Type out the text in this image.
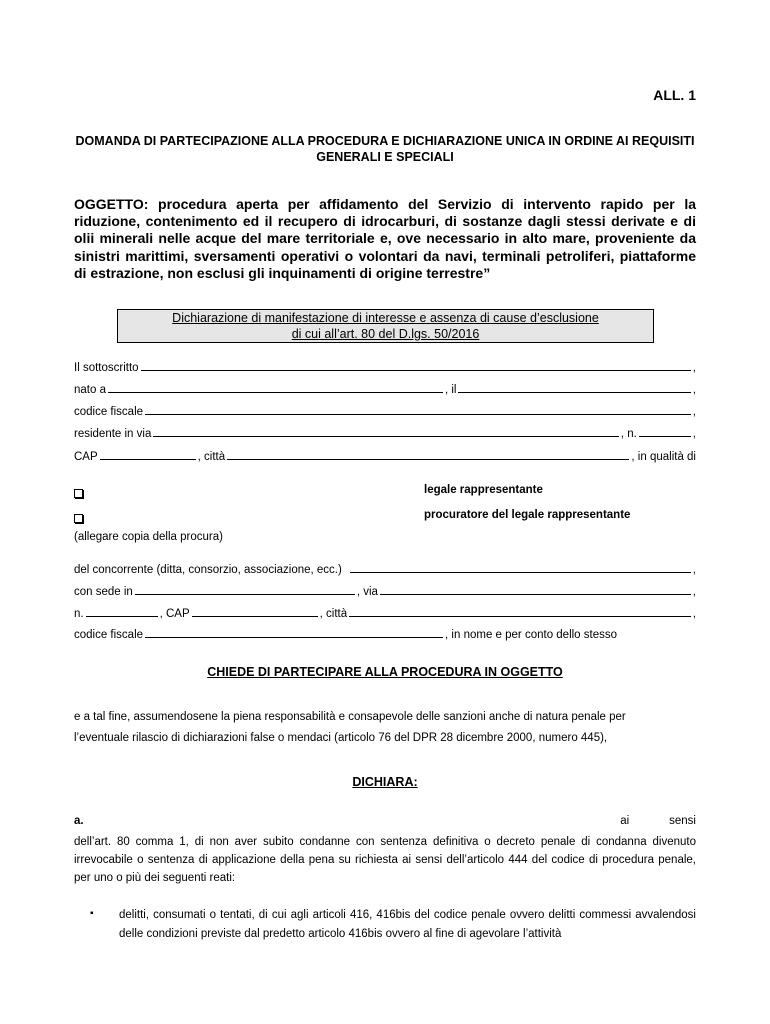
ALL. 1
DOMANDA DI PARTECIPAZIONE ALLA PROCEDURA E DICHIARAZIONE UNICA IN ORDINE AI REQUISITI GENERALI E SPECIALI
OGGETTO: procedura aperta per affidamento del Servizio di intervento rapido per la riduzione, contenimento ed il recupero di idrocarburi, di sostanze dagli stessi derivate e di olii minerali nelle acque del mare territoriale e, ove necessario in alto mare, proveniente da sinistri marittimi, sversamenti operativi o volontari da navi, terminali petroliferi, piattaforme di estrazione, non esclusi gli inquinamenti di origine terrestre”
Dichiarazione di manifestazione di interesse e assenza di cause d’esclusione
di cui all’art. 80 del D.lgs. 50/2016
Il sottoscritto	,
nato a	, il	,
codice fiscale	,
residente in via	, n.	,
CAP	, città	, in qualità di
legale rappresentante
procuratore del legale rappresentante
(allegare copia della procura)
del concorrente (ditta, consorzio, associazione, ecc.)	,
con sede in	, via	,
n.	, CAP	, città	,
codice fiscale	, in nome e per conto dello stesso
CHIEDE DI PARTECIPARE ALLA PROCEDURA IN OGGETTO
e a tal fine, assumendosene la piena responsabilità e consapevole delle sanzioni anche di natura penale per
l’eventuale rilascio di dichiarazioni false o mendaci (articolo 76 del DPR 28 dicembre 2000, numero 445),
DICHIARA:
a.	ai	sensi
dell’art. 80 comma 1, di non aver subito condanne con sentenza definitiva o decreto penale di condanna divenuto irrevocabile o sentenza di applicazione della pena su richiesta ai sensi dell’articolo 444 del codice di procedura penale, per uno o più dei seguenti reati:
▪ delitti, consumati o tentati, di cui agli articoli 416, 416bis del codice penale ovvero delitti commessi avvalendosi delle condizioni previste dal predetto articolo 416bis ovvero al fine di agevolare l’attività
